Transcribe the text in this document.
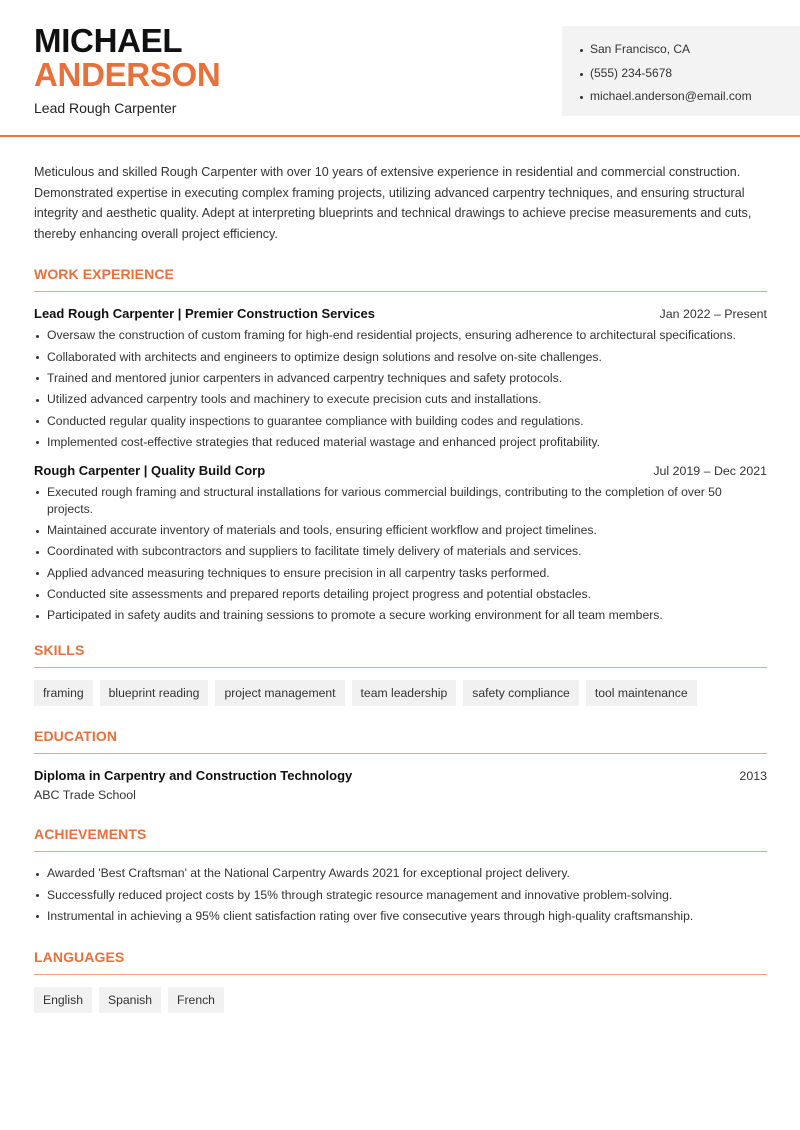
MICHAEL
ANDERSON
Lead Rough Carpenter
San Francisco, CA
(555) 234-5678
michael.anderson@email.com

Meticulous and skilled Rough Carpenter with over 10 years of extensive experience in residential and commercial construction. Demonstrated expertise in executing complex framing projects, utilizing advanced carpentry techniques, and ensuring structural integrity and aesthetic quality. Adept at interpreting blueprints and technical drawings to achieve precise measurements and cuts, thereby enhancing overall project efficiency.

WORK EXPERIENCE
Lead Rough Carpenter | Premier Construction Services	Jan 2022 – Present
Oversaw the construction of custom framing for high-end residential projects, ensuring adherence to architectural specifications.
Collaborated with architects and engineers to optimize design solutions and resolve on-site challenges.
Trained and mentored junior carpenters in advanced carpentry techniques and safety protocols.
Utilized advanced carpentry tools and machinery to execute precision cuts and installations.
Conducted regular quality inspections to guarantee compliance with building codes and regulations.
Implemented cost-effective strategies that reduced material wastage and enhanced project profitability.
Rough Carpenter | Quality Build Corp	Jul 2019 – Dec 2021
Executed rough framing and structural installations for various commercial buildings, contributing to the completion of over 50 projects.
Maintained accurate inventory of materials and tools, ensuring efficient workflow and project timelines.
Coordinated with subcontractors and suppliers to facilitate timely delivery of materials and services.
Applied advanced measuring techniques to ensure precision in all carpentry tasks performed.
Conducted site assessments and prepared reports detailing project progress and potential obstacles.
Participated in safety audits and training sessions to promote a secure working environment for all team members.
SKILLS
framing	blueprint reading	project management	team leadership	safety compliance	tool maintenance
EDUCATION
Diploma in Carpentry and Construction Technology	2013
ABC Trade School
ACHIEVEMENTS
Awarded 'Best Craftsman' at the National Carpentry Awards 2021 for exceptional project delivery.
Successfully reduced project costs by 15% through strategic resource management and innovative problem-solving.
Instrumental in achieving a 95% client satisfaction rating over five consecutive years through high-quality craftsmanship.
LANGUAGES
English	Spanish	French
